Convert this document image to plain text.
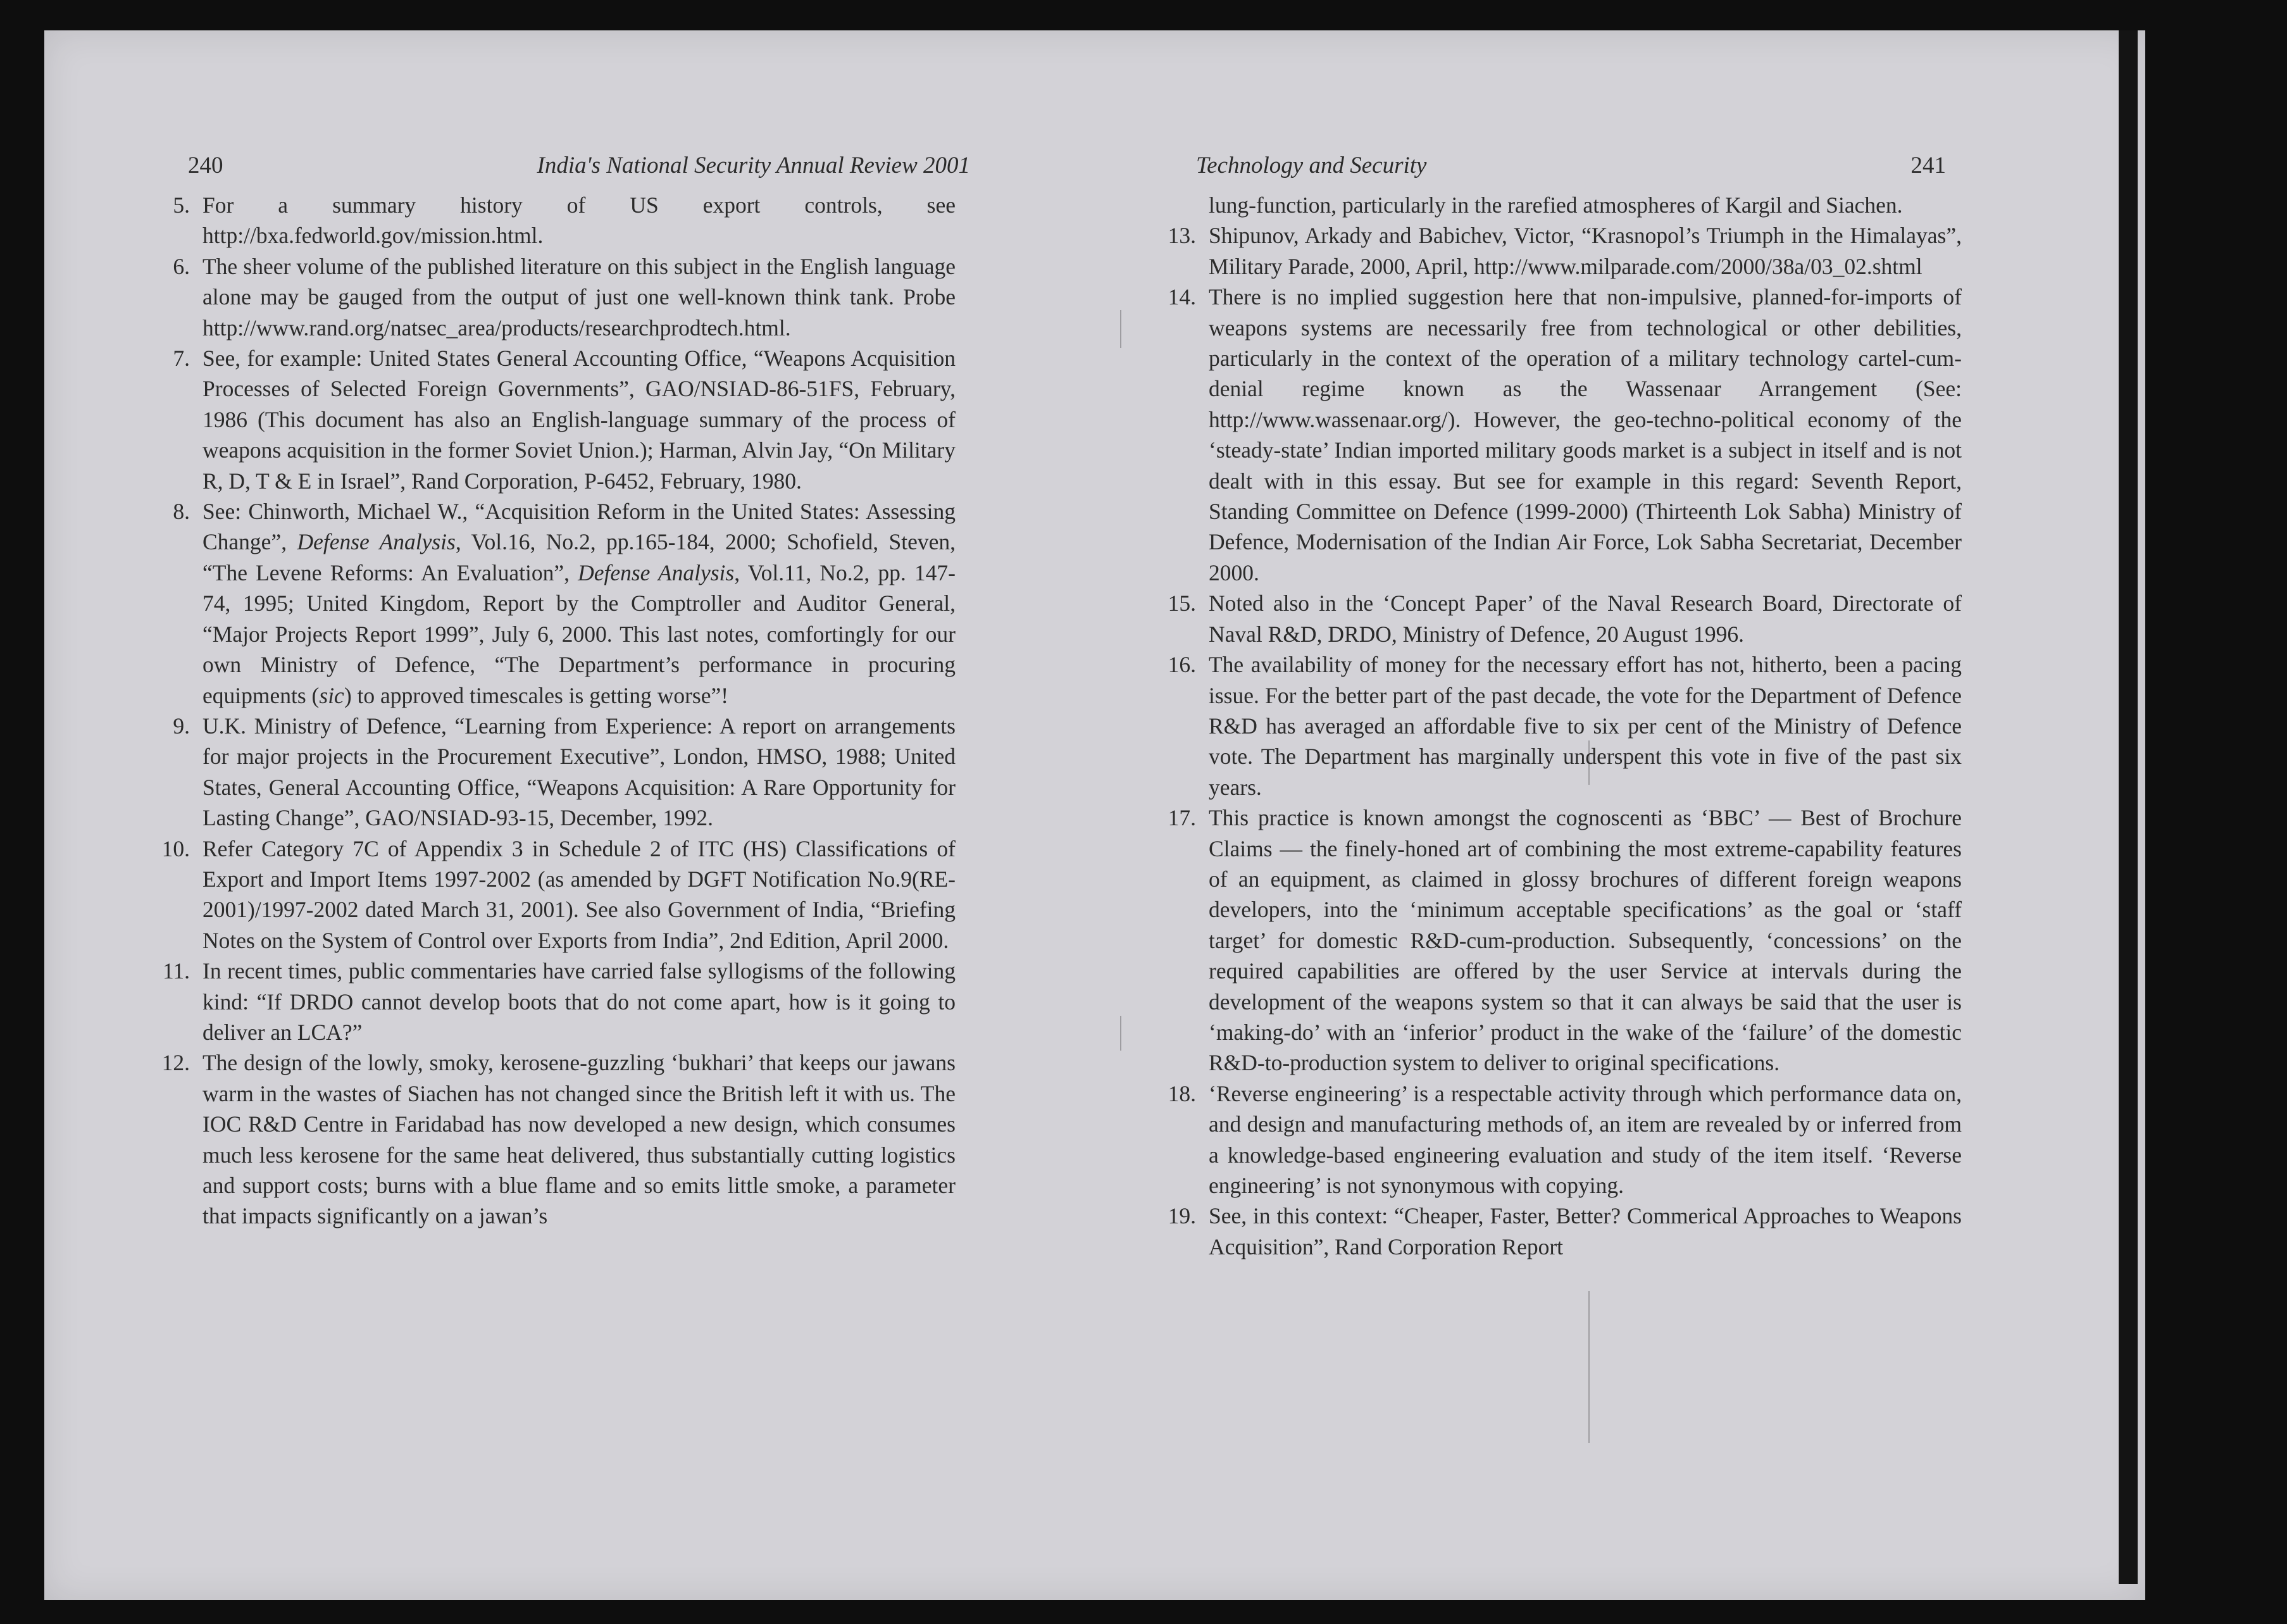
240	India's National Security Annual Review 2001
5. For a summary history of US export controls, see http://bxa.fedworld.gov/mission.html.
6. The sheer volume of the published literature on this subject in the English language alone may be gauged from the output of just one well-known think tank. Probe http://www.rand.org/natsec_area/products/researchprodtech.html.
7. See, for example: United States General Accounting Office, “Weapons Acquisition Processes of Selected Foreign Governments”, GAO/NSIAD-86-51FS, February, 1986 (This document has also an English-language summary of the process of weapons acquisition in the former Soviet Union.); Harman, Alvin Jay, “On Military R, D, T & E in Israel”, Rand Corporation, P-6452, February, 1980.
8. See: Chinworth, Michael W., “Acquisition Reform in the United States: Assessing Change”, Defense Analysis, Vol.16, No.2, pp.165-184, 2000; Schofield, Steven, “The Levene Reforms: An Evaluation”, Defense Analysis, Vol.11, No.2, pp. 147-74, 1995; United Kingdom, Report by the Comptroller and Auditor General, “Major Projects Report 1999”, July 6, 2000. This last notes, comfortingly for our own Ministry of Defence, “The Department’s performance in procuring equipments (sic) to approved timescales is getting worse”!
9. U.K. Ministry of Defence, “Learning from Experience: A report on arrangements for major projects in the Procurement Executive”, London, HMSO, 1988; United States, General Accounting Office, “Weapons Acquisition: A Rare Opportunity for Lasting Change”, GAO/NSIAD-93-15, December, 1992.
10. Refer Category 7C of Appendix 3 in Schedule 2 of ITC (HS) Classifications of Export and Import Items 1997-2002 (as amended by DGFT Notification No.9(RE-2001)/1997-2002 dated March 31, 2001). See also Government of India, “Briefing Notes on the System of Control over Exports from India”, 2nd Edition, April 2000.
11. In recent times, public commentaries have carried false syllogisms of the following kind: “If DRDO cannot develop boots that do not come apart, how is it going to deliver an LCA?”
12. The design of the lowly, smoky, kerosene-guzzling ‘bukhari’ that keeps our jawans warm in the wastes of Siachen has not changed since the British left it with us. The IOC R&D Centre in Faridabad has now developed a new design, which consumes much less kerosene for the same heat delivered, thus substantially cutting logistics and support costs; burns with a blue flame and so emits little smoke, a parameter that impacts significantly on a jawan’s
Technology and Security	241

lung-function, particularly in the rarefied atmospheres of Kargil and Siachen.

13. Shipunov, Arkady and Babichev, Victor, “Krasnopol’s Triumph in the Himalayas”, Military Parade, 2000, April, http://www.milparade.com/2000/38a/03_02.shtml
14. There is no implied suggestion here that non-impulsive, planned-for-imports of weapons systems are necessarily free from technological or other debilities, particularly in the context of the operation of a military technology cartel-cum-denial regime known as the Wassenaar Arrangement (See: http://www.wassenaar.org/). However, the geo-techno-political economy of the ‘steady-state’ Indian imported military goods market is a subject in itself and is not dealt with in this essay. But see for example in this regard: Seventh Report, Standing Committee on Defence (1999-2000) (Thirteenth Lok Sabha) Ministry of Defence, Modernisation of the Indian Air Force, Lok Sabha Secretariat, December 2000.
15. Noted also in the ‘Concept Paper’ of the Naval Research Board, Directorate of Naval R&D, DRDO, Ministry of Defence, 20 August 1996.
16. The availability of money for the necessary effort has not, hitherto, been a pacing issue. For the better part of the past decade, the vote for the Department of Defence R&D has averaged an affordable five to six per cent of the Ministry of Defence vote. The Department has marginally underspent this vote in five of the past six years.
17. This practice is known amongst the cognoscenti as ‘BBC’ — Best of Brochure Claims — the finely-honed art of combining the most extreme-capability features of an equipment, as claimed in glossy brochures of different foreign weapons developers, into the ‘minimum acceptable specifications’ as the goal or ‘staff target’ for domestic R&D-cum-production. Subsequently, ‘concessions’ on the required capabilities are offered by the user Service at intervals during the development of the weapons system so that it can always be said that the user is ‘making-do’ with an ‘inferior’ product in the wake of the ‘failure’ of the domestic R&D-to-production system to deliver to original specifications.
18. ‘Reverse engineering’ is a respectable activity through which performance data on, and design and manufacturing methods of, an item are revealed by or inferred from a knowledge-based engineering evaluation and study of the item itself. ‘Reverse engineering’ is not synonymous with copying.
19. See, in this context: “Cheaper, Faster, Better? Commerical Approaches to Weapons Acquisition”, Rand Corporation Report
